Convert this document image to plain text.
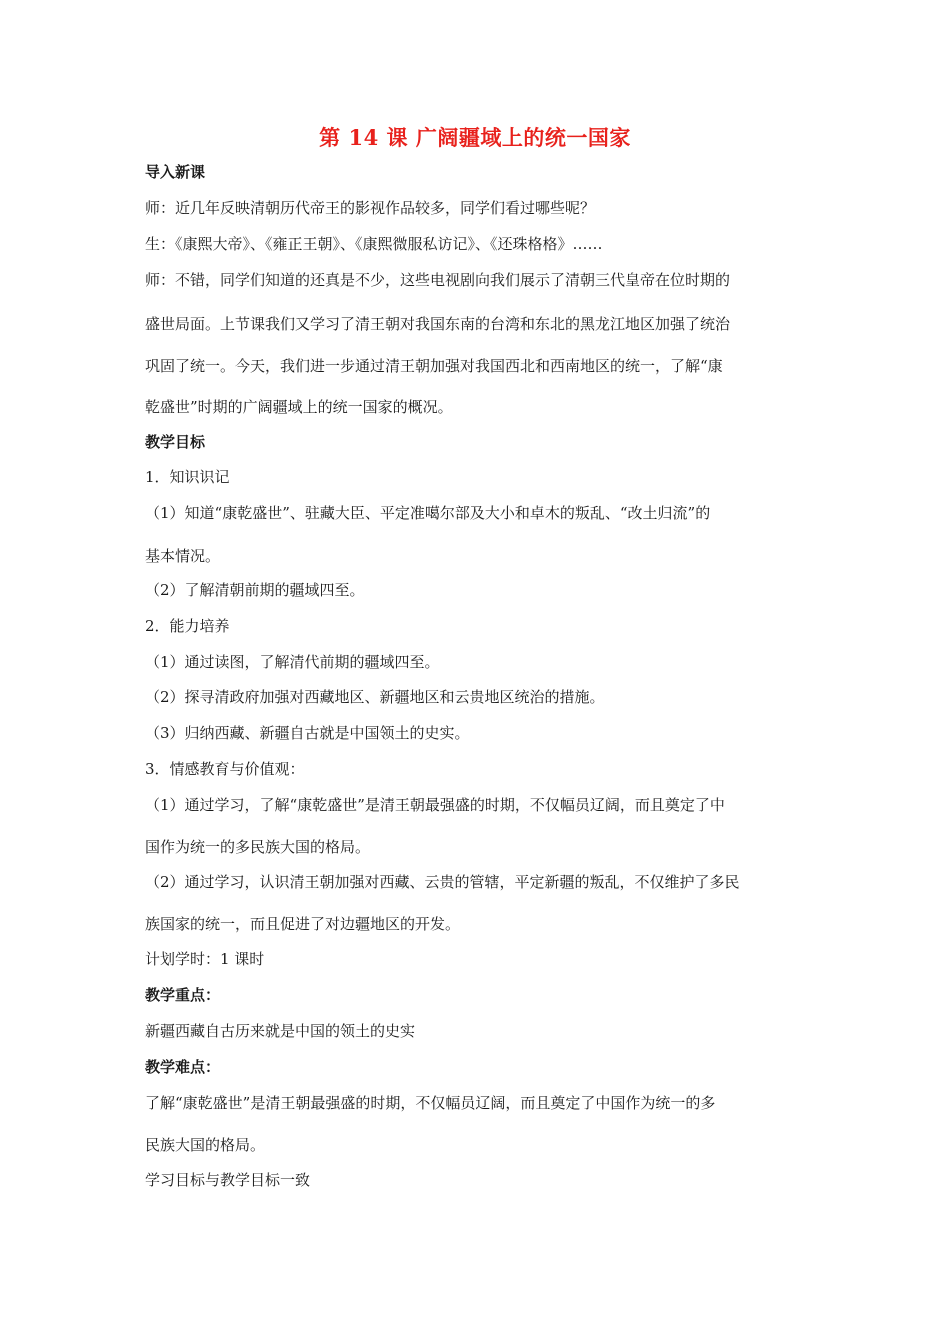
第 14 课 广阔疆域上的统一国家
导入新课
师：近几年反映清朝历代帝王的影视作品较多，同学们看过哪些呢？
生：《康熙大帝》、《雍正王朝》、《康熙微服私访记》、《还珠格格》……
师：不错，同学们知道的还真是不少，这些电视剧向我们展示了清朝三代皇帝在位时期的
盛世局面。上节课我们又学习了清王朝对我国东南的台湾和东北的黑龙江地区加强了统治
巩固了统一。今天，我们进一步通过清王朝加强对我国西北和西南地区的统一，了解“康
乾盛世”时期的广阔疆域上的统一国家的概况。
教学目标
1．知识识记
（1）知道“康乾盛世”、驻藏大臣、平定准噶尔部及大小和卓木的叛乱、“改土归流”的
基本情况。
（2）了解清朝前期的疆域四至。
2．能力培养
（1）通过读图，了解清代前期的疆域四至。
（2）探寻清政府加强对西藏地区、新疆地区和云贵地区统治的措施。
（3）归纳西藏、新疆自古就是中国领土的史实。
3．情感教育与价值观：
（1）通过学习，了解“康乾盛世”是清王朝最强盛的时期，不仅幅员辽阔，而且奠定了中
国作为统一的多民族大国的格局。
（2）通过学习，认识清王朝加强对西藏、云贵的管辖，平定新疆的叛乱，不仅维护了多民
族国家的统一，而且促进了对边疆地区的开发。
计划学时：1 课时
教学重点：
新疆西藏自古历来就是中国的领土的史实
教学难点：
了解“康乾盛世”是清王朝最强盛的时期，不仅幅员辽阔，而且奠定了中国作为统一的多
民族大国的格局。
学习目标与教学目标一致
